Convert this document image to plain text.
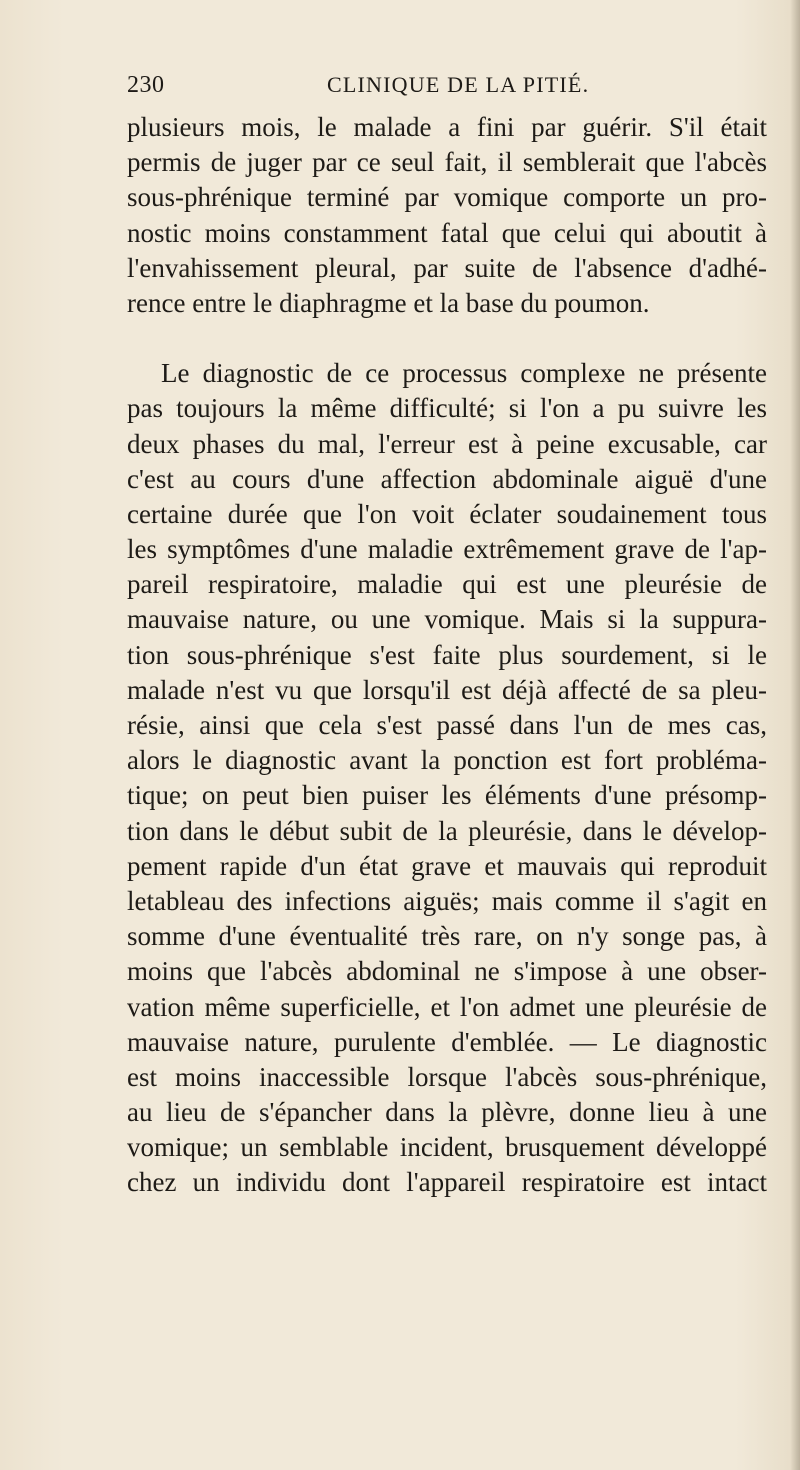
230	CLINIQUE DE LA PITIÉ.
plusieurs mois, le malade a fini par guérir. S'il était
permis de juger par ce seul fait, il semblerait que l'abcès
sous-phrénique terminé par vomique comporte un pro-
nostic moins constamment fatal que celui qui aboutit à
l'envahissement pleural, par suite de l'absence d'adhé-
rence entre le diaphragme et la base du poumon.
Le diagnostic de ce processus complexe ne présente
pas toujours la même difficulté; si l'on a pu suivre les
deux phases du mal, l'erreur est à peine excusable, car
c'est au cours d'une affection abdominale aiguë d'une
certaine durée que l'on voit éclater soudainement tous
les symptômes d'une maladie extrêmement grave de l'ap-
pareil respiratoire, maladie qui est une pleurésie de
mauvaise nature, ou une vomique. Mais si la suppura-
tion sous-phrénique s'est faite plus sourdement, si le
malade n'est vu que lorsqu'il est déjà affecté de sa pleu-
résie, ainsi que cela s'est passé dans l'un de mes cas,
alors le diagnostic avant la ponction est fort probléma-
tique; on peut bien puiser les éléments d'une présomp-
tion dans le début subit de la pleurésie, dans le dévelop-
pement rapide d'un état grave et mauvais qui reproduit
letableau des infections aiguës; mais comme il s'agit en
somme d'une éventualité très rare, on n'y songe pas, à
moins que l'abcès abdominal ne s'impose à une obser-
vation même superficielle, et l'on admet une pleurésie de
mauvaise nature, purulente d'emblée. — Le diagnostic
est moins inaccessible lorsque l'abcès sous-phrénique,
au lieu de s'épancher dans la plèvre, donne lieu à une
vomique; un semblable incident, brusquement développé
chez un individu dont l'appareil respiratoire est intact
